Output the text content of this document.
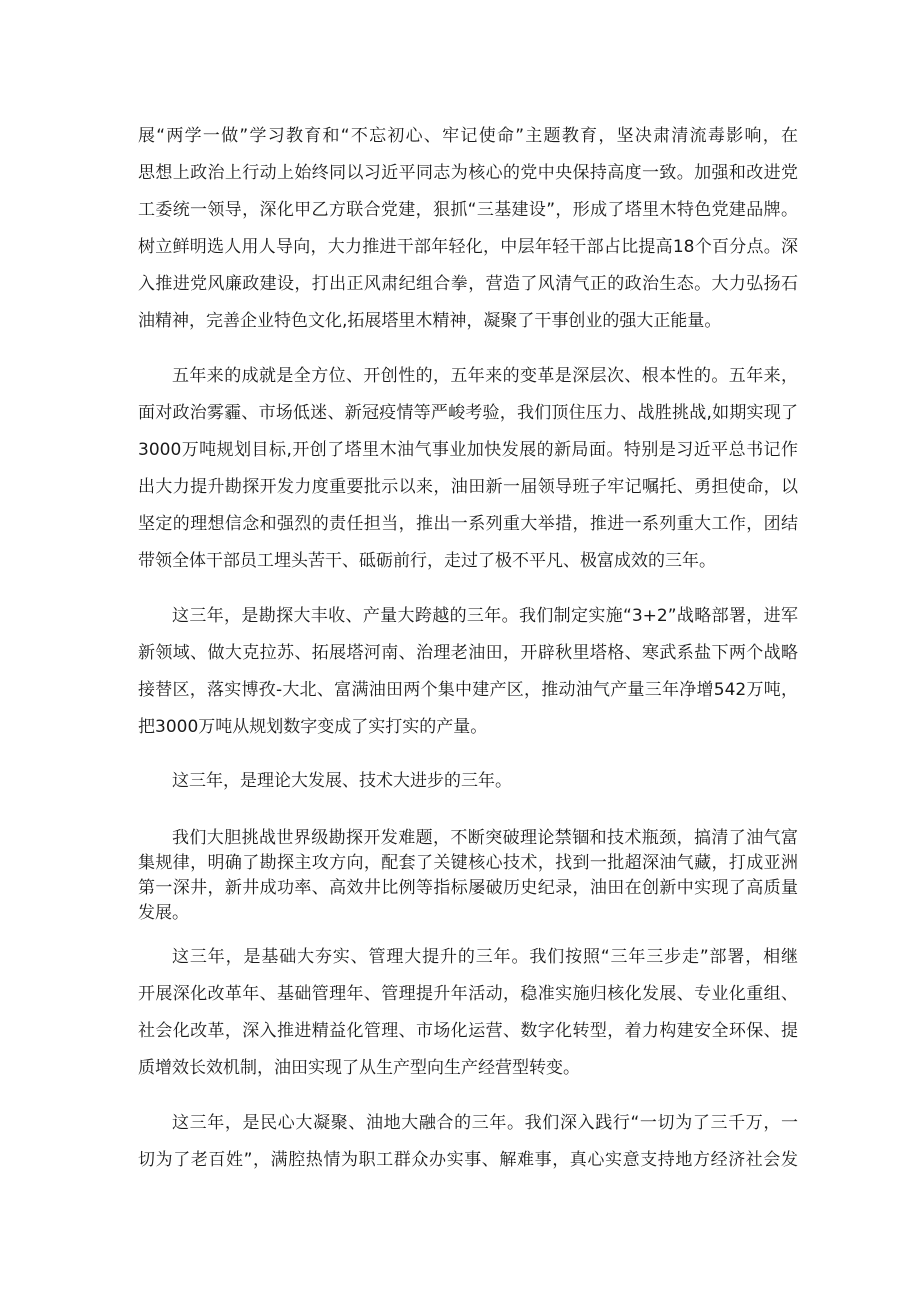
展“两学一做”学习教育和“不忘初心、牢记使命”主题教育，坚决肃清流毒影响，在
思想上政治上行动上始终同以习近平同志为核心的党中央保持高度一致。加强和改进党
工委统一领导，深化甲乙方联合党建，狠抓“三基建设”，形成了塔里木特色党建品牌。
树立鲜明选人用人导向，大力推进干部年轻化，中层年轻干部占比提高18个百分点。深
入推进党风廉政建设，打出正风肃纪组合拳，营造了风清气正的政治生态。大力弘扬石
油精神，完善企业特色文化,拓展塔里木精神，凝聚了干事创业的强大正能量。
五年来的成就是全方位、开创性的，五年来的变革是深层次、根本性的。五年来，
面对政治雾霾、市场低迷、新冠疫情等严峻考验，我们顶住压力、战胜挑战,如期实现了
3000万吨规划目标,开创了塔里木油气事业加快发展的新局面。特别是习近平总书记作
出大力提升勘探开发力度重要批示以来，油田新一届领导班子牢记嘱托、勇担使命，以
坚定的理想信念和强烈的责任担当，推出一系列重大举措，推进一系列重大工作，团结
带领全体干部员工埋头苦干、砥砺前行，走过了极不平凡、极富成效的三年。
这三年，是勘探大丰收、产量大跨越的三年。我们制定实施“3+2”战略部署，进军
新领域、做大克拉苏、拓展塔河南、治理老油田，开辟秋里塔格、寒武系盐下两个战略
接替区，落实博孜-大北、富满油田两个集中建产区，推动油气产量三年净增542万吨，
把3000万吨从规划数字变成了实打实的产量。
这三年，是理论大发展、技术大进步的三年。
我们大胆挑战世界级勘探开发难题，不断突破理论禁锢和技术瓶颈，搞清了油气富
集规律，明确了勘探主攻方向，配套了关键核心技术，找到一批超深油气藏，打成亚洲
第一深井，新井成功率、高效井比例等指标屡破历史纪录，油田在创新中实现了高质量
发展。
这三年，是基础大夯实、管理大提升的三年。我们按照“三年三步走”部署，相继
开展深化改革年、基础管理年、管理提升年活动，稳准实施归核化发展、专业化重组、
社会化改革，深入推进精益化管理、市场化运营、数字化转型，着力构建安全环保、提
质增效长效机制，油田实现了从生产型向生产经营型转变。
这三年，是民心大凝聚、油地大融合的三年。我们深入践行“一切为了三千万，一
切为了老百姓”，满腔热情为职工群众办实事、解难事，真心实意支持地方经济社会发
